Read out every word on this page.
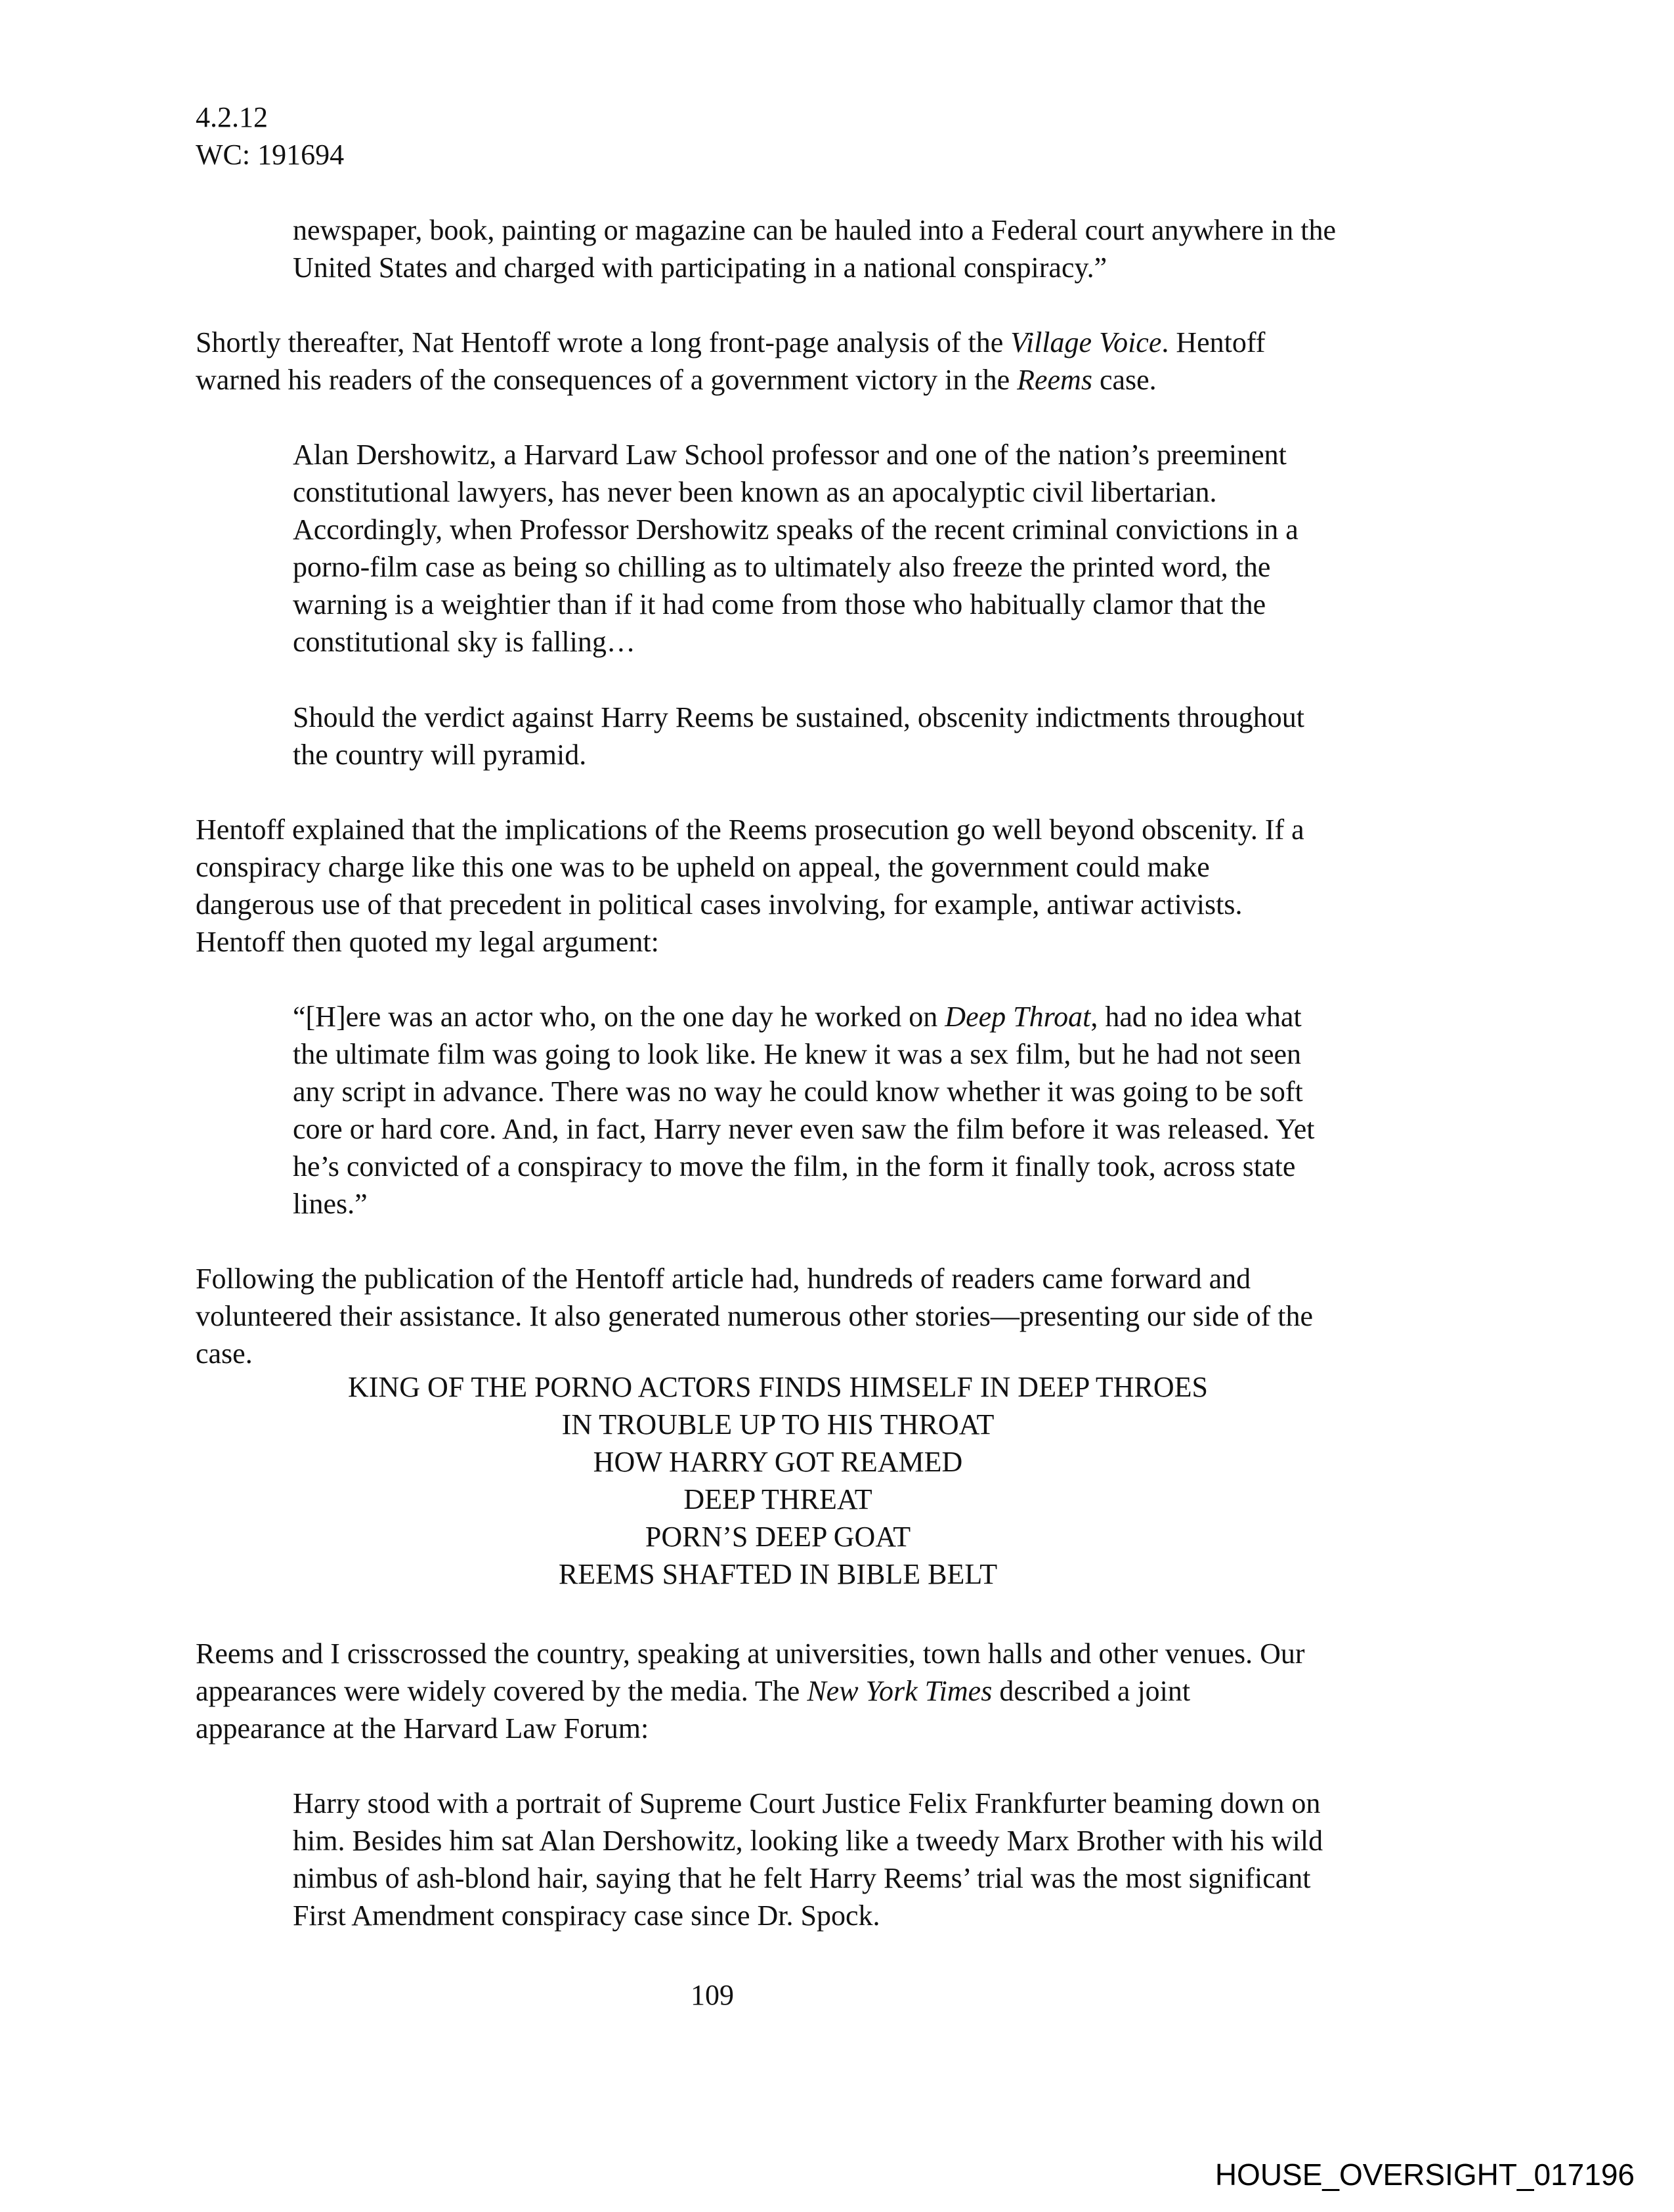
4.2.12
WC: 191694
newspaper, book, painting or magazine can be hauled into a Federal court anywhere in the
United States and charged with participating in a national conspiracy.”
Shortly thereafter, Nat Hentoff wrote a long front-page analysis of the Village Voice. Hentoff
warned his readers of the consequences of a government victory in the Reems case.
Alan Dershowitz, a Harvard Law School professor and one of the nation’s preeminent
constitutional lawyers, has never been known as an apocalyptic civil libertarian.
Accordingly, when Professor Dershowitz speaks of the recent criminal convictions in a
porno-film case as being so chilling as to ultimately also freeze the printed word, the
warning is a weightier than if it had come from those who habitually clamor that the
constitutional sky is falling…
Should the verdict against Harry Reems be sustained, obscenity indictments throughout
the country will pyramid.
Hentoff explained that the implications of the Reems prosecution go well beyond obscenity. If a
conspiracy charge like this one was to be upheld on appeal, the government could make
dangerous use of that precedent in political cases involving, for example, antiwar activists.
Hentoff then quoted my legal argument:
“[H]ere was an actor who, on the one day he worked on Deep Throat, had no idea what
the ultimate film was going to look like. He knew it was a sex film, but he had not seen
any script in advance. There was no way he could know whether it was going to be soft
core or hard core. And, in fact, Harry never even saw the film before it was released. Yet
he’s convicted of a conspiracy to move the film, in the form it finally took, across state
lines.”
Following the publication of the Hentoff article had, hundreds of readers came forward and
volunteered their assistance. It also generated numerous other stories—presenting our side of the
case.
KING OF THE PORNO ACTORS FINDS HIMSELF IN DEEP THROES
IN TROUBLE UP TO HIS THROAT
HOW HARRY GOT REAMED
DEEP THREAT
PORN’S DEEP GOAT
REEMS SHAFTED IN BIBLE BELT
Reems and I crisscrossed the country, speaking at universities, town halls and other venues. Our
appearances were widely covered by the media. The New York Times described a joint
appearance at the Harvard Law Forum:
Harry stood with a portrait of Supreme Court Justice Felix Frankfurter beaming down on
him. Besides him sat Alan Dershowitz, looking like a tweedy Marx Brother with his wild
nimbus of ash-blond hair, saying that he felt Harry Reems’ trial was the most significant
First Amendment conspiracy case since Dr. Spock.
109
HOUSE_OVERSIGHT_017196
